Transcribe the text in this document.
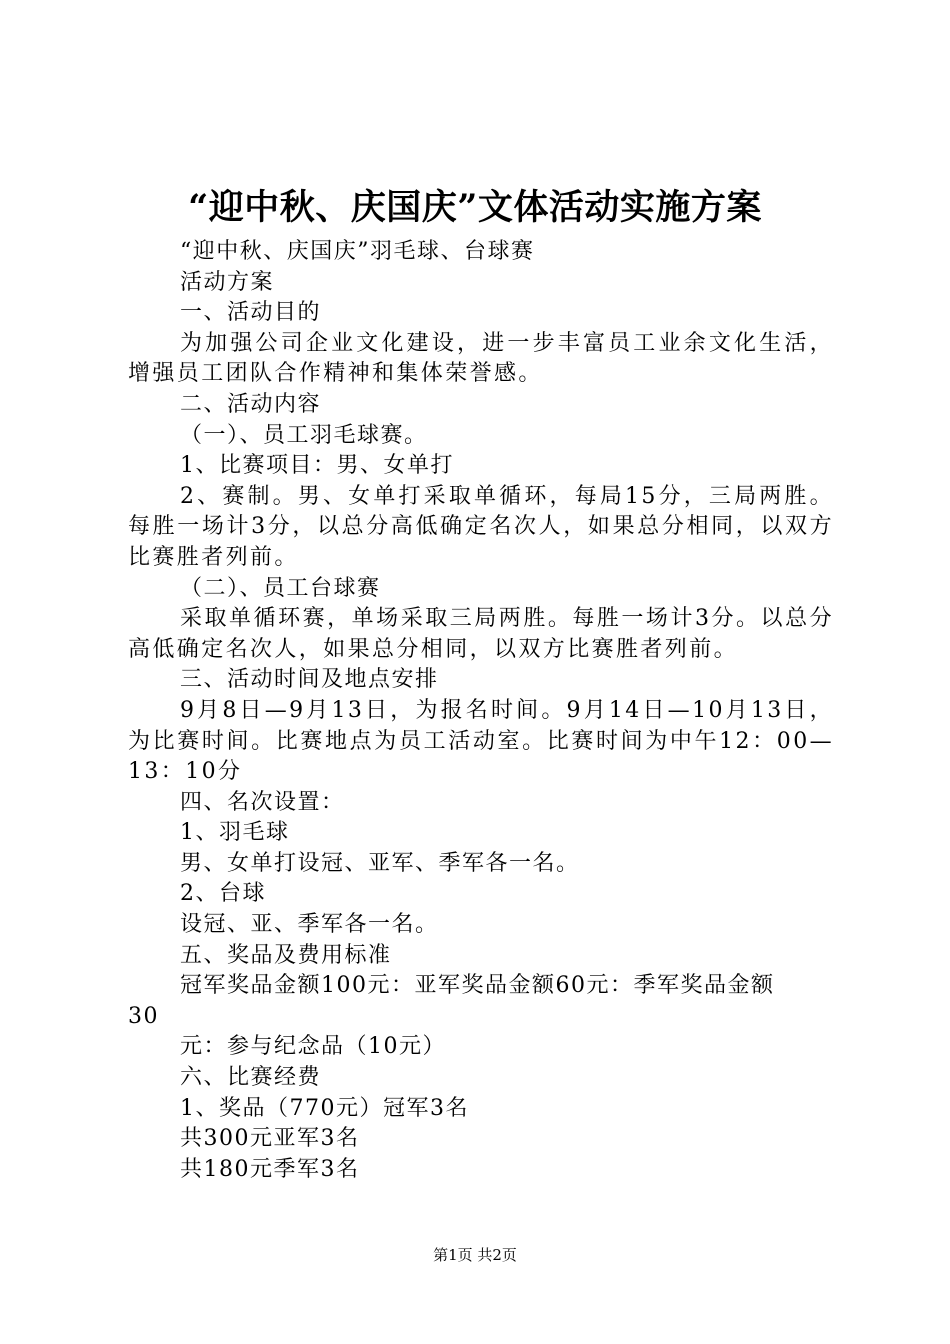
“迎中秋、庆国庆”文体活动实施方案

“迎中秋、庆国庆”羽毛球、台球赛

活动方案

一、活动目的

为加强公司企业文化建设，进一步丰富员工业余文化生活，增强员工团队合作精神和集体荣誉感。

二、活动内容

（一）、员工羽毛球赛。

1、比赛项目：男、女单打

2、赛制。男、女单打采取单循环，每局15分，三局两胜。每胜一场计3分，以总分高低确定名次人，如果总分相同，以双方比赛胜者列前。

（二）、员工台球赛

采取单循环赛，单场采取三局两胜。每胜一场计3分。以总分高低确定名次人，如果总分相同，以双方比赛胜者列前。

三、活动时间及地点安排

9月8日—9月13日，为报名时间。9月14日—10月13日，为比赛时间。比赛地点为员工活动室。比赛时间为中午12：00—13：10分

四、名次设置：

1、羽毛球

男、女单打设冠、亚军、季军各一名。

2、台球

设冠、亚、季军各一名。

五、奖品及费用标准

冠军奖品金额100元：亚军奖品金额60元：季军奖品金额

30

元：参与纪念品（10元）

六、比赛经费

1、奖品（770元）冠军3名

共300元亚军3名

共180元季军3名

第1页 共2页
